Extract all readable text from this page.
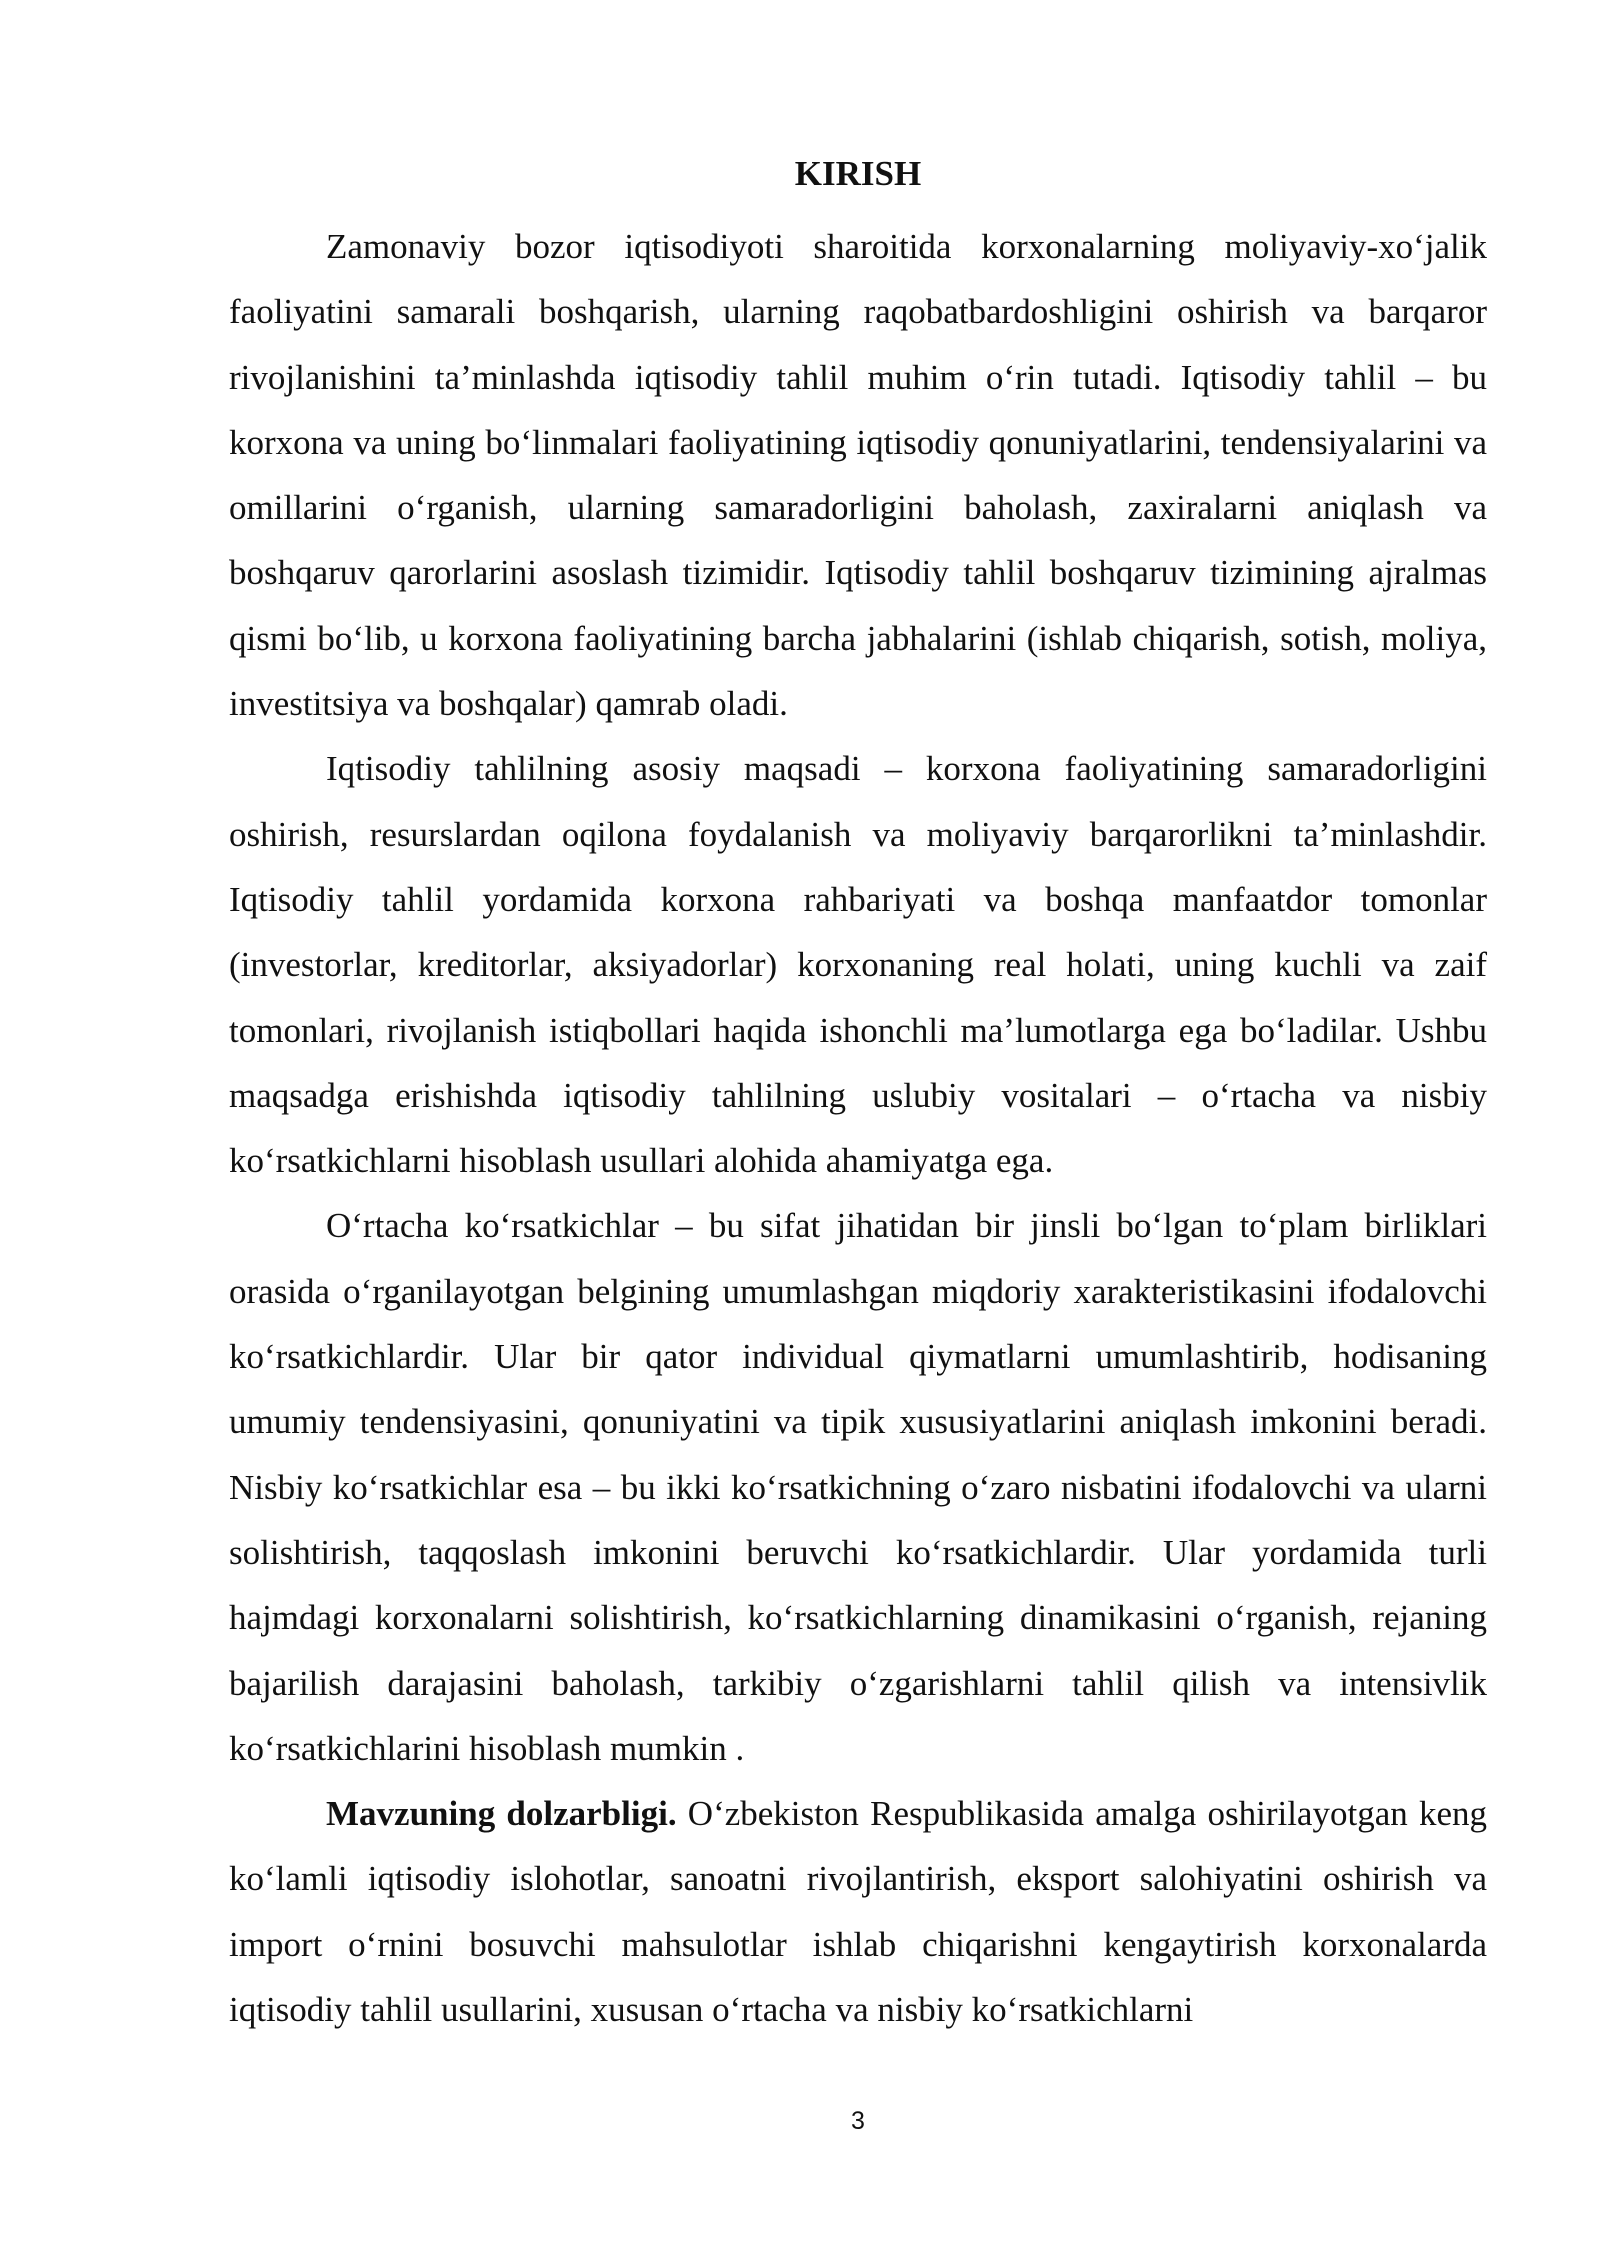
KIRISH

Zamonaviy bozor iqtisodiyoti sharoitida korxonalarning moliyaviy-xo‘jalik faoliyatini samarali boshqarish, ularning raqobatbardoshligini oshirish va barqaror rivojlanishini ta’minlashda iqtisodiy tahlil muhim o‘rin tutadi. Iqtisodiy tahlil – bu korxona va uning bo‘linmalari faoliyatining iqtisodiy qonuniyatlarini, tendensiyalarini va omillarini o‘rganish, ularning samaradorligini baholash, zaxiralarni aniqlash va boshqaruv qarorlarini asoslash tizimidir. Iqtisodiy tahlil boshqaruv tizimining ajralmas qismi bo‘lib, u korxona faoliyatining barcha jabhalarini (ishlab chiqarish, sotish, moliya, investitsiya va boshqalar) qamrab oladi.

Iqtisodiy tahlilning asosiy maqsadi – korxona faoliyatining samaradorligini oshirish, resurslardan oqilona foydalanish va moliyaviy barqarorlikni ta’minlashdir. Iqtisodiy tahlil yordamida korxona rahbariyati va boshqa manfaatdor tomonlar (investorlar, kreditorlar, aksiyadorlar) korxonaning real holati, uning kuchli va zaif tomonlari, rivojlanish istiqbollari haqida ishonchli ma’lumotlarga ega bo‘ladilar. Ushbu maqsadga erishishda iqtisodiy tahlilning uslubiy vositalari – o‘rtacha va nisbiy ko‘rsatkichlarni hisoblash usullari alohida ahamiyatga ega.

O‘rtacha ko‘rsatkichlar – bu sifat jihatidan bir jinsli bo‘lgan to‘plam birliklari orasida o‘rganilayotgan belgining umumlashgan miqdoriy xarakteristikasini ifodalovchi ko‘rsatkichlardir. Ular bir qator individual qiymatlarni umumlashtirib, hodisaning umumiy tendensiyasini, qonuniyatini va tipik xususiyatlarini aniqlash imkonini beradi. Nisbiy ko‘rsatkichlar esa – bu ikki ko‘rsatkichning o‘zaro nisbatini ifodalovchi va ularni solishtirish, taqqoslash imkonini beruvchi ko‘rsatkichlardir. Ular yordamida turli hajmdagi korxonalarni solishtirish, ko‘rsatkichlarning dinamikasini o‘rganish, rejaning bajarilish darajasini baholash, tarkibiy o‘zgarishlarni tahlil qilish va intensivlik ko‘rsatkichlarini hisoblash mumkin .

Mavzuning dolzarbligi. O‘zbekiston Respublikasida amalga oshirilayotgan keng ko‘lamli iqtisodiy islohotlar, sanoatni rivojlantirish, eksport salohiyatini oshirish va import o‘rnini bosuvchi mahsulotlar ishlab chiqarishni kengaytirish korxonalarda iqtisodiy tahlil usullarini, xususan o‘rtacha va nisbiy ko‘rsatkichlarni

3
